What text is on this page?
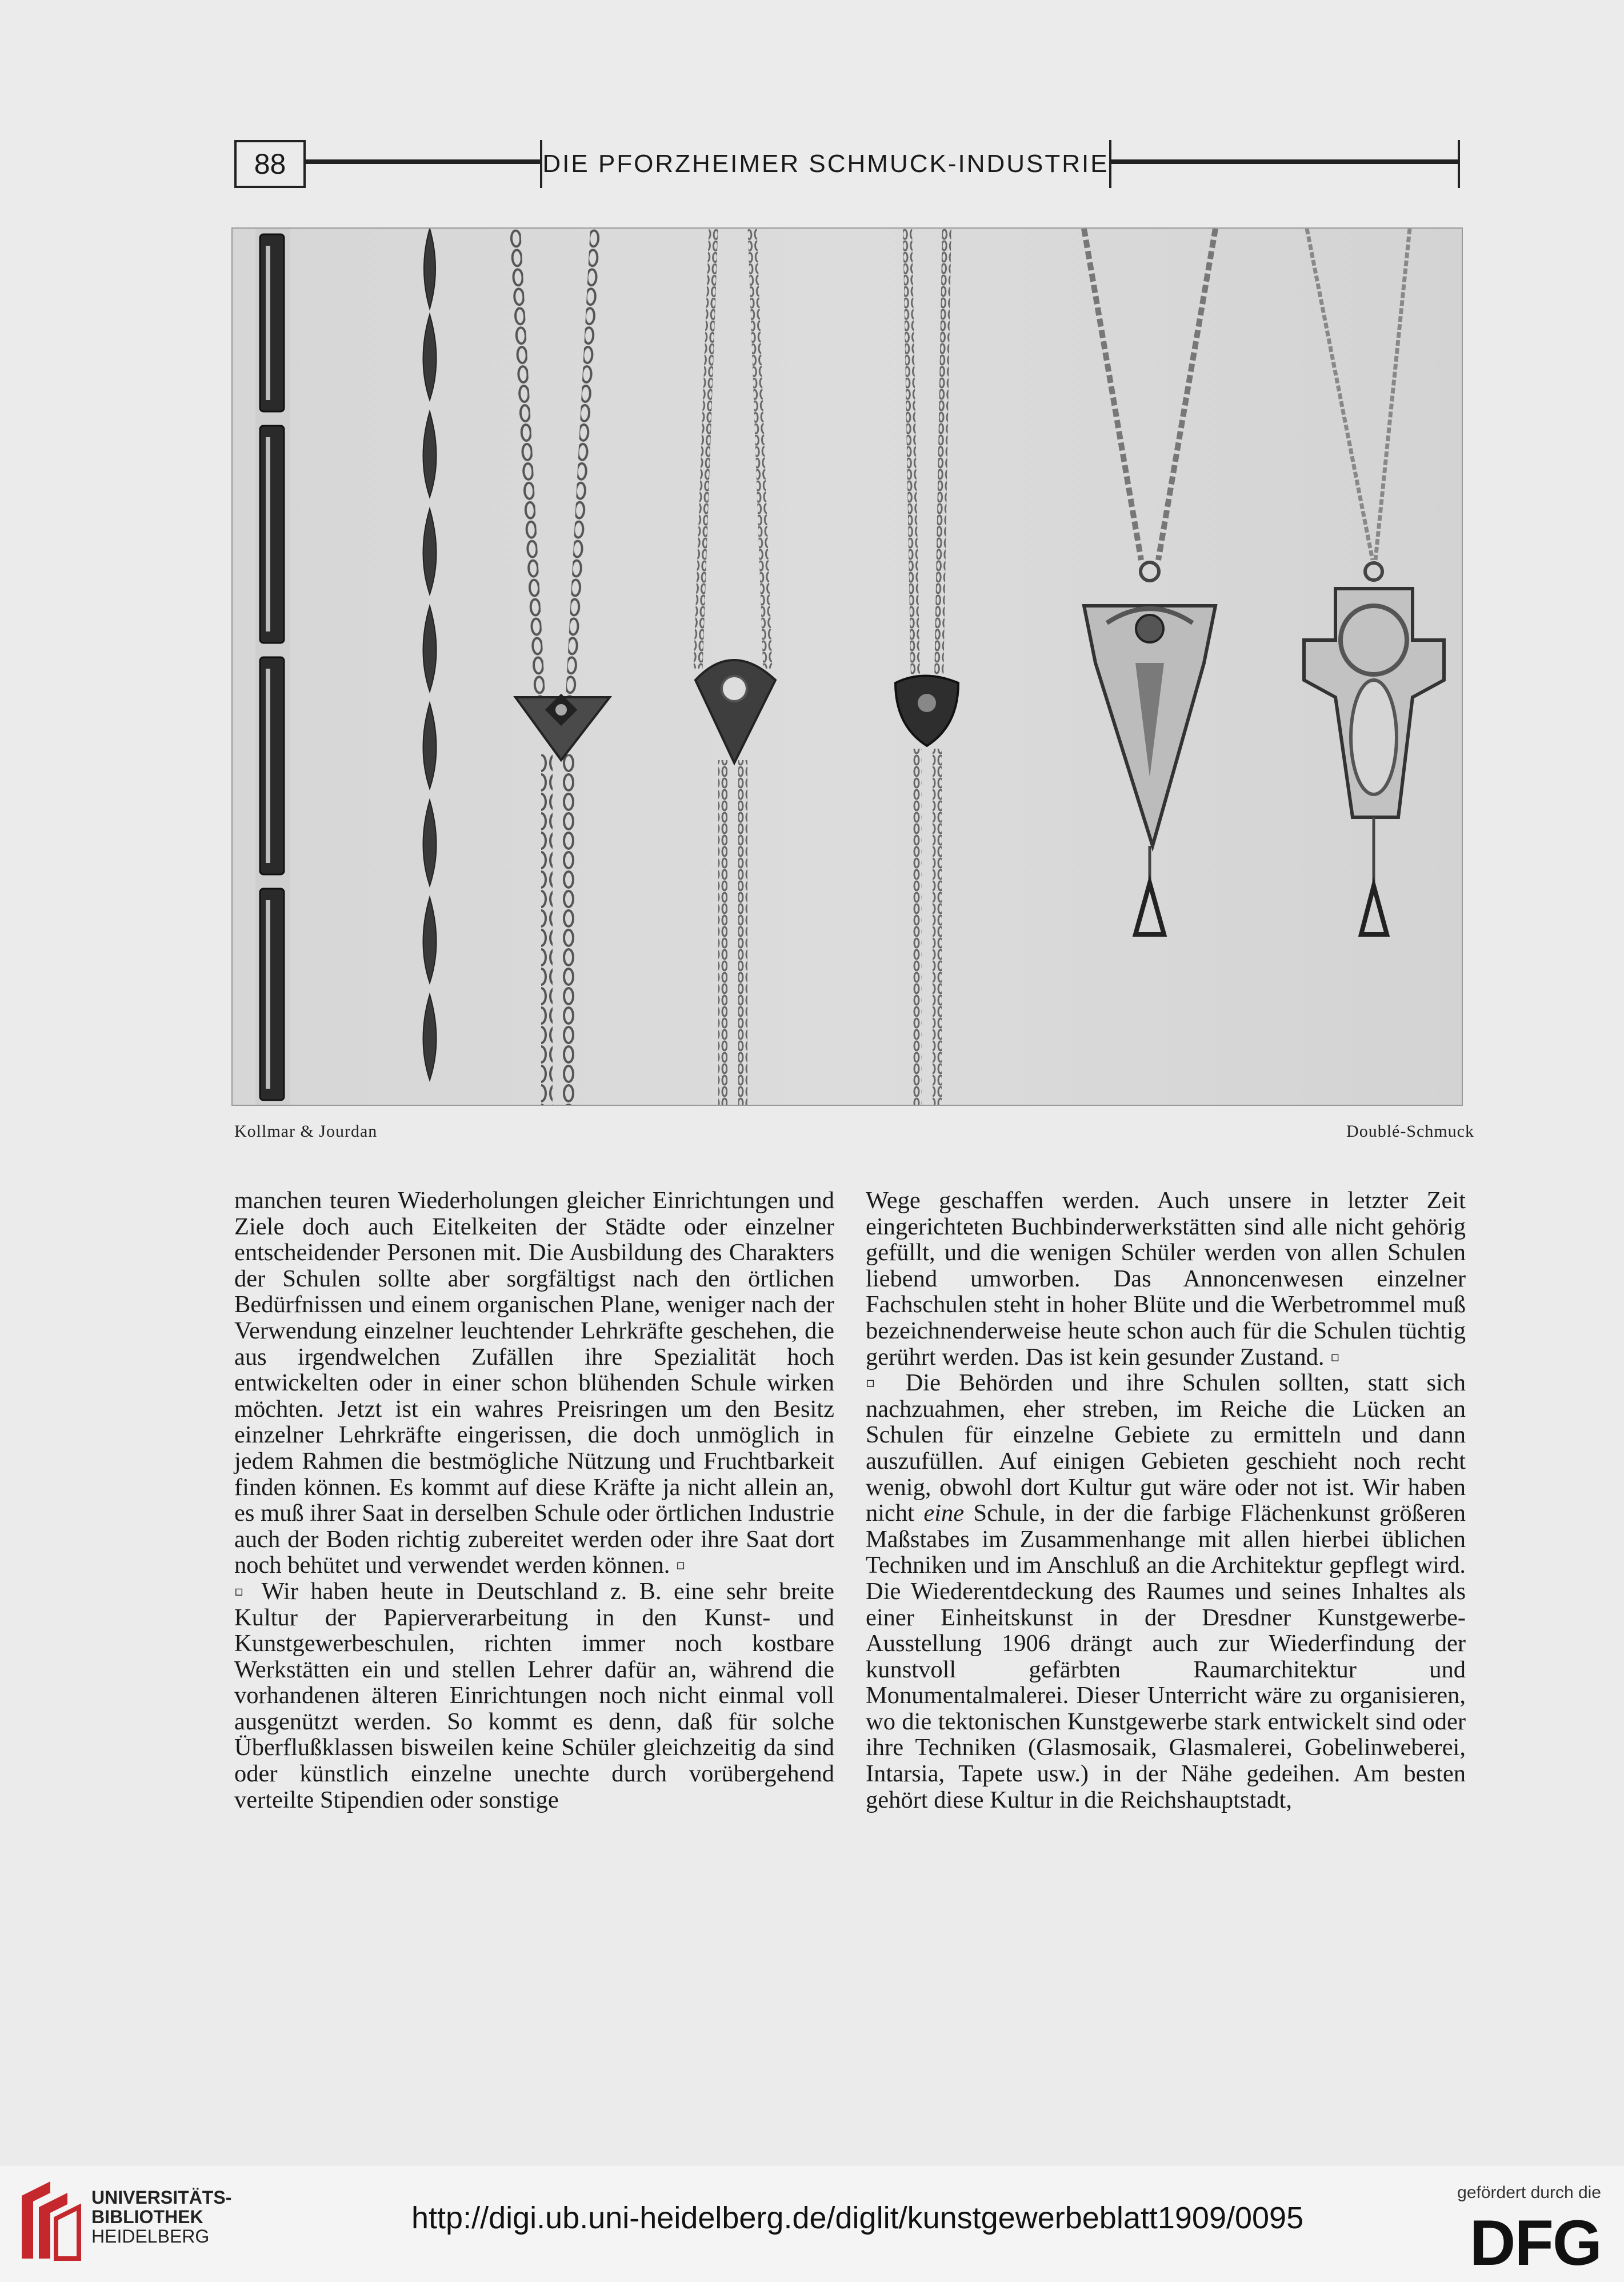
88	DIE PFORZHEIMER SCHMUCK-INDUSTRIE
Kollmar & Jourdan	Doublé-Schmuck

manchen teuren Wiederholungen gleicher Einrichtungen und Ziele doch auch Eitelkeiten der Städte oder einzelner entscheidender Personen mit. Die Ausbildung des Charakters der Schulen sollte aber sorgfältigst nach den örtlichen Bedürfnissen und einem organischen Plane, weniger nach der Verwendung einzelner leuchtender Lehrkräfte geschehen, die aus irgendwelchen Zufällen ihre Spezialität hoch entwickelten oder in einer schon blühenden Schule wirken möchten. Jetzt ist ein wahres Preisringen um den Besitz einzelner Lehrkräfte eingerissen, die doch unmöglich in jedem Rahmen die bestmögliche Nützung und Fruchtbarkeit finden können. Es kommt auf diese Kräfte ja nicht allein an, es muß ihrer Saat in derselben Schule oder örtlichen Industrie auch der Boden richtig zubereitet werden oder ihre Saat dort noch behütet und verwendet werden können. ▫

▫ Wir haben heute in Deutschland z. B. eine sehr breite Kultur der Papierverarbeitung in den Kunst- und Kunstgewerbeschulen, richten immer noch kostbare Werkstätten ein und stellen Lehrer dafür an, während die vorhandenen älteren Einrichtungen noch nicht einmal voll ausgenützt werden. So kommt es denn, daß für solche Überflußklassen bisweilen keine Schüler gleichzeitig da sind oder künstlich einzelne unechte durch vorübergehend verteilte Stipendien oder sonstige

Wege geschaffen werden. Auch unsere in letzter Zeit eingerichteten Buchbinderwerkstätten sind alle nicht gehörig gefüllt, und die wenigen Schüler werden von allen Schulen liebend umworben. Das Annoncenwesen einzelner Fachschulen steht in hoher Blüte und die Werbetrommel muß bezeichnenderweise heute schon auch für die Schulen tüchtig gerührt werden. Das ist kein gesunder Zustand. ▫

▫ Die Behörden und ihre Schulen sollten, statt sich nachzuahmen, eher streben, im Reiche die Lücken an Schulen für einzelne Gebiete zu ermitteln und dann auszufüllen. Auf einigen Gebieten geschieht noch recht wenig, obwohl dort Kultur gut wäre oder not ist. Wir haben nicht eine Schule, in der die farbige Flächenkunst größeren Maßstabes im Zusammenhange mit allen hierbei üblichen Techniken und im Anschluß an die Architektur gepflegt wird. Die Wiederentdeckung des Raumes und seines Inhaltes als einer Einheitskunst in der Dresdner Kunstgewerbe-Ausstellung 1906 drängt auch zur Wiederfindung der kunstvoll gefärbten Raumarchitektur und Monumentalmalerei. Dieser Unterricht wäre zu organisieren, wo die tektonischen Kunstgewerbe stark entwickelt sind oder ihre Techniken (Glasmosaik, Glasmalerei, Gobelinweberei, Intarsia, Tapete usw.) in der Nähe gedeihen. Am besten gehört diese Kultur in die Reichshauptstadt,

UNIVERSITÄTS-
BIBLIOTHEK
HEIDELBERG
http://digi.ub.uni-heidelberg.de/diglit/kunstgewerbeblatt1909/0095
gefördert durch die
DFG
